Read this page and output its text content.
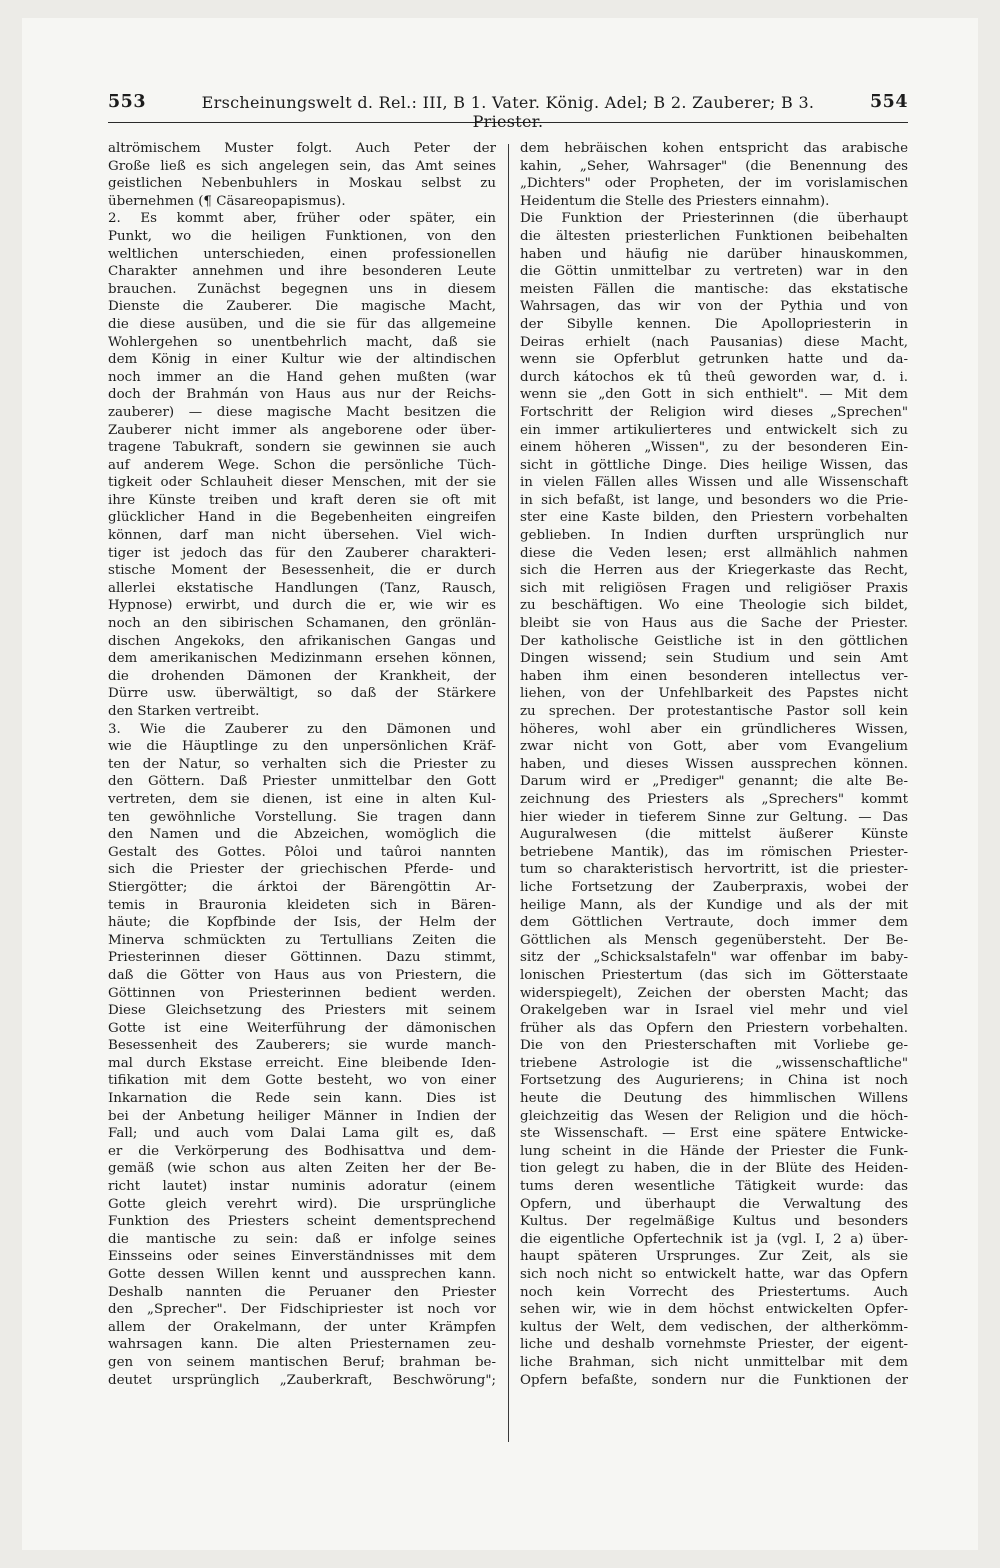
553	Erscheinungswelt d. Rel.: III, B 1. Vater. König. Adel; B 2. Zauberer; B 3. Priester.
554
altrömischem Muster folgt. Auch Peter der
Große ließ es sich angelegen sein, das Amt seines
geistlichen Nebenbuhlers in Moskau selbst zu
übernehmen (¶ Cäsareopapismus).
2. Es kommt aber, früher oder später, ein
Punkt, wo die heiligen Funktionen, von den
weltlichen unterschieden, einen professionellen
Charakter annehmen und ihre besonderen Leute
brauchen. Zunächst begegnen uns in diesem
Dienste die Zauberer. Die magische Macht,
die diese ausüben, und die sie für das allgemeine
Wohlergehen so unentbehrlich macht, daß sie
dem König in einer Kultur wie der altindischen
noch immer an die Hand gehen mußten (war
doch der Brahmán von Haus aus nur der Reichs-
zauberer) — diese magische Macht besitzen die
Zauberer nicht immer als angeborene oder über-
tragene Tabukraft, sondern sie gewinnen sie auch
auf anderem Wege. Schon die persönliche Tüch-
tigkeit oder Schlauheit dieser Menschen, mit der sie
ihre Künste treiben und kraft deren sie oft mit
glücklicher Hand in die Begebenheiten eingreifen
können, darf man nicht übersehen. Viel wich-
tiger ist jedoch das für den Zauberer charakteri-
stische Moment der Besessenheit, die er durch
allerlei ekstatische Handlungen (Tanz, Rausch,
Hypnose) erwirbt, und durch die er, wie wir es
noch an den sibirischen Schamanen, den grönlän-
dischen Angekoks, den afrikanischen Gangas und
dem amerikanischen Medizinmann ersehen können,
die drohenden Dämonen der Krankheit, der
Dürre usw. überwältigt, so daß der Stärkere
den Starken vertreibt.
3. Wie die Zauberer zu den Dämonen und
wie die Häuptlinge zu den unpersönlichen Kräf-
ten der Natur, so verhalten sich die Priester zu
den Göttern. Daß Priester unmittelbar den Gott
vertreten, dem sie dienen, ist eine in alten Kul-
ten gewöhnliche Vorstellung. Sie tragen dann
den Namen und die Abzeichen, womöglich die
Gestalt des Gottes. Pôloi und taûroi nannten
sich die Priester der griechischen Pferde- und
Stiergötter; die árktoi der Bärengöttin Ar-
temis in Brauronia kleideten sich in Bären-
häute; die Kopfbinde der Isis, der Helm der
Minerva schmückten zu Tertullians Zeiten die
Priesterinnen dieser Göttinnen. Dazu stimmt,
daß die Götter von Haus aus von Priestern, die
Göttinnen von Priesterinnen bedient werden.
Diese Gleichsetzung des Priesters mit seinem
Gotte ist eine Weiterführung der dämonischen
Besessenheit des Zauberers; sie wurde manch-
mal durch Ekstase erreicht. Eine bleibende Iden-
tifikation mit dem Gotte besteht, wo von einer
Inkarnation die Rede sein kann. Dies ist
bei der Anbetung heiliger Männer in Indien der
Fall; und auch vom Dalai Lama gilt es, daß
er die Verkörperung des Bodhisattva und dem-
gemäß (wie schon aus alten Zeiten her der Be-
richt lautet) instar numinis adoratur (einem
Gotte gleich verehrt wird). Die ursprüngliche
Funktion des Priesters scheint dementsprechend
die mantische zu sein: daß er infolge seines
Einsseins oder seines Einverständnisses mit dem
Gotte dessen Willen kennt und aussprechen kann.
Deshalb nannten die Peruaner den Priester
den „Sprecher". Der Fidschipriester ist noch vor
allem der Orakelmann, der unter Krämpfen
wahrsagen kann. Die alten Priesternamen zeu-
gen von seinem mantischen Beruf; brahman be-
deutet ursprünglich „Zauberkraft, Beschwörung";
dem hebräischen kohen entspricht das arabische
kahin, „Seher, Wahrsager" (die Benennung des
„Dichters" oder Propheten, der im vorislamischen
Heidentum die Stelle des Priesters einnahm).
Die Funktion der Priesterinnen (die überhaupt
die ältesten priesterlichen Funktionen beibehalten
haben und häufig nie darüber hinauskommen,
die Göttin unmittelbar zu vertreten) war in den
meisten Fällen die mantische: das ekstatische
Wahrsagen, das wir von der Pythia und von
der Sibylle kennen. Die Apollopriesterin in
Deiras erhielt (nach Pausanias) diese Macht,
wenn sie Opferblut getrunken hatte und da-
durch kátochos ek tû theû geworden war, d. i.
wenn sie „den Gott in sich enthielt". — Mit dem
Fortschritt der Religion wird dieses „Sprechen"
ein immer artikulierteres und entwickelt sich zu
einem höheren „Wissen", zu der besonderen Ein-
sicht in göttliche Dinge. Dies heilige Wissen, das
in vielen Fällen alles Wissen und alle Wissenschaft
in sich befaßt, ist lange, und besonders wo die Prie-
ster eine Kaste bilden, den Priestern vorbehalten
geblieben. In Indien durften ursprünglich nur
diese die Veden lesen; erst allmählich nahmen
sich die Herren aus der Kriegerkaste das Recht,
sich mit religiösen Fragen und religiöser Praxis
zu beschäftigen. Wo eine Theologie sich bildet,
bleibt sie von Haus aus die Sache der Priester.
Der katholische Geistliche ist in den göttlichen
Dingen wissend; sein Studium und sein Amt
haben ihm einen besonderen intellectus ver-
liehen, von der Unfehlbarkeit des Papstes nicht
zu sprechen. Der protestantische Pastor soll kein
höheres, wohl aber ein gründlicheres Wissen,
zwar nicht von Gott, aber vom Evangelium
haben, und dieses Wissen aussprechen können.
Darum wird er „Prediger" genannt; die alte Be-
zeichnung des Priesters als „Sprechers" kommt
hier wieder in tieferem Sinne zur Geltung. — Das
Auguralwesen (die mittelst äußerer Künste
betriebene Mantik), das im römischen Priester-
tum so charakteristisch hervortritt, ist die priester-
liche Fortsetzung der Zauberpraxis, wobei der
heilige Mann, als der Kundige und als der mit
dem Göttlichen Vertraute, doch immer dem
Göttlichen als Mensch gegenübersteht. Der Be-
sitz der „Schicksalstafeln" war offenbar im baby-
lonischen Priestertum (das sich im Götterstaate
widerspiegelt), Zeichen der obersten Macht; das
Orakelgeben war in Israel viel mehr und viel
früher als das Opfern den Priestern vorbehalten.
Die von den Priesterschaften mit Vorliebe ge-
triebene Astrologie ist die „wissenschaftliche"
Fortsetzung des Augurierens; in China ist noch
heute die Deutung des himmlischen Willens
gleichzeitig das Wesen der Religion und die höch-
ste Wissenschaft. — Erst eine spätere Entwicke-
lung scheint in die Hände der Priester die Funk-
tion gelegt zu haben, die in der Blüte des Heiden-
tums deren wesentliche Tätigkeit wurde: das
Opfern, und überhaupt die Verwaltung des
Kultus. Der regelmäßige Kultus und besonders
die eigentliche Opfertechnik ist ja (vgl. I, 2 a) über-
haupt späteren Ursprunges. Zur Zeit, als sie
sich noch nicht so entwickelt hatte, war das Opfern
noch kein Vorrecht des Priestertums. Auch
sehen wir, wie in dem höchst entwickelten Opfer-
kultus der Welt, dem vedischen, der altherkömm-
liche und deshalb vornehmste Priester, der eigent-
liche Brahman, sich nicht unmittelbar mit dem
Opfern befaßte, sondern nur die Funktionen der
